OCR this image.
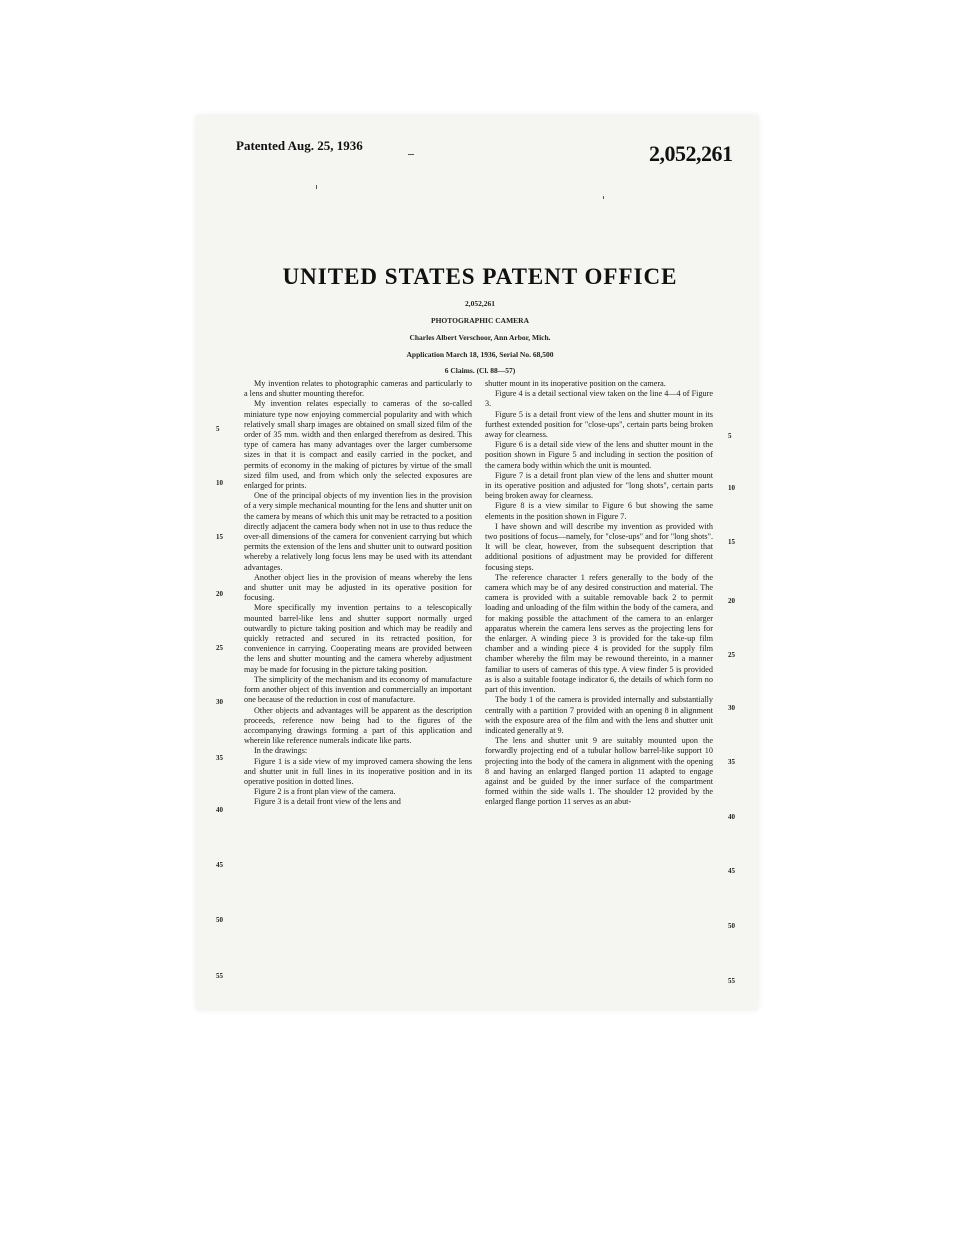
Patented Aug. 25, 1936	2,052,261
UNITED STATES PATENT OFFICE
2,052,261
PHOTOGRAPHIC CAMERA
Charles Albert Verschoor, Ann Arbor, Mich.
Application March 18, 1936, Serial No. 68,500
6 Claims. (Cl. 88—57)

My invention relates to photographic cameras and particularly to a lens and shutter mounting therefor.

My invention relates especially to cameras of the so-called miniature type now enjoying commercial popularity and with which relatively small sharp images are obtained on small sized film of the order of 35 mm. width and then enlarged therefrom as desired. This type of camera has many advantages over the larger cumbersome sizes in that it is compact and easily carried in the pocket, and permits of economy in the making of pictures by virtue of the small sized film used, and from which only the selected exposures are enlarged for prints.

One of the principal objects of my invention lies in the provision of a very simple mechanical mounting for the lens and shutter unit on the camera by means of which this unit may be retracted to a position directly adjacent the camera body when not in use to thus reduce the over-all dimensions of the camera for convenient carrying but which permits the extension of the lens and shutter unit to outward position whereby a relatively long focus lens may be used with its attendant advantages.

Another object lies in the provision of means whereby the lens and shutter unit may be adjusted in its operative position for focusing.

More specifically my invention pertains to a telescopically mounted barrel-like lens and shutter support normally urged outwardly to picture taking position and which may be readily and quickly retracted and secured in its retracted position, for convenience in carrying. Cooperating means are provided between the lens and shutter mounting and the camera whereby adjustment may be made for focusing in the picture taking position.

The simplicity of the mechanism and its economy of manufacture form another object of this invention and commercially an important one because of the reduction in cost of manufacture.

Other objects and advantages will be apparent as the description proceeds, reference now being had to the figures of the accompanying drawings forming a part of this application and wherein like reference numerals indicate like parts.

In the drawings:

Figure 1 is a side view of my improved camera showing the lens and shutter unit in full lines in its inoperative position and in its operative position in dotted lines.

Figure 2 is a front plan view of the camera.

Figure 3 is a detail front view of the lens and

shutter mount in its inoperative position on the camera.

Figure 4 is a detail sectional view taken on the line 4—4 of Figure 3.

Figure 5 is a detail front view of the lens and shutter mount in its furthest extended position for "close-ups", certain parts being broken away for clearness.

Figure 6 is a detail side view of the lens and shutter mount in the position shown in Figure 5 and including in section the position of the camera body within which the unit is mounted.

Figure 7 is a detail front plan view of the lens and shutter mount in its operative position and adjusted for "long shots", certain parts being broken away for clearness.

Figure 8 is a view similar to Figure 6 but showing the same elements in the position shown in Figure 7.

I have shown and will describe my invention as provided with two positions of focus—namely, for "close-ups" and for "long shots". It will be clear, however, from the subsequent description that additional positions of adjustment may be provided for different focusing steps.

The reference character 1 refers generally to the body of the camera which may be of any desired construction and material. The camera is provided with a suitable removable back 2 to permit loading and unloading of the film within the body of the camera, and for making possible the attachment of the camera to an enlarger apparatus wherein the camera lens serves as the projecting lens for the enlarger. A winding piece 3 is provided for the take-up film chamber and a winding piece 4 is provided for the supply film chamber whereby the film may be rewound thereinto, in a manner familiar to users of cameras of this type. A view finder 5 is provided as is also a suitable footage indicator 6, the details of which form no part of this invention.

The body 1 of the camera is provided internally and substantially centrally with a partition 7 provided with an opening 8 in alignment with the exposure area of the film and with the lens and shutter unit indicated generally at 9.

The lens and shutter unit 9 are suitably mounted upon the forwardly projecting end of a tubular hollow barrel-like support 10 projecting into the body of the camera in alignment with the opening 8 and having an enlarged flanged portion 11 adapted to engage against and be guided by the inner surface of the compartment formed within the side walls 1. The shoulder 12 provided by the enlarged flange portion 11 serves as an abut-

5
10
15
20
25
30
35
40
45
50
55
5
10
15
20
25
30
35
40
45
50
55
